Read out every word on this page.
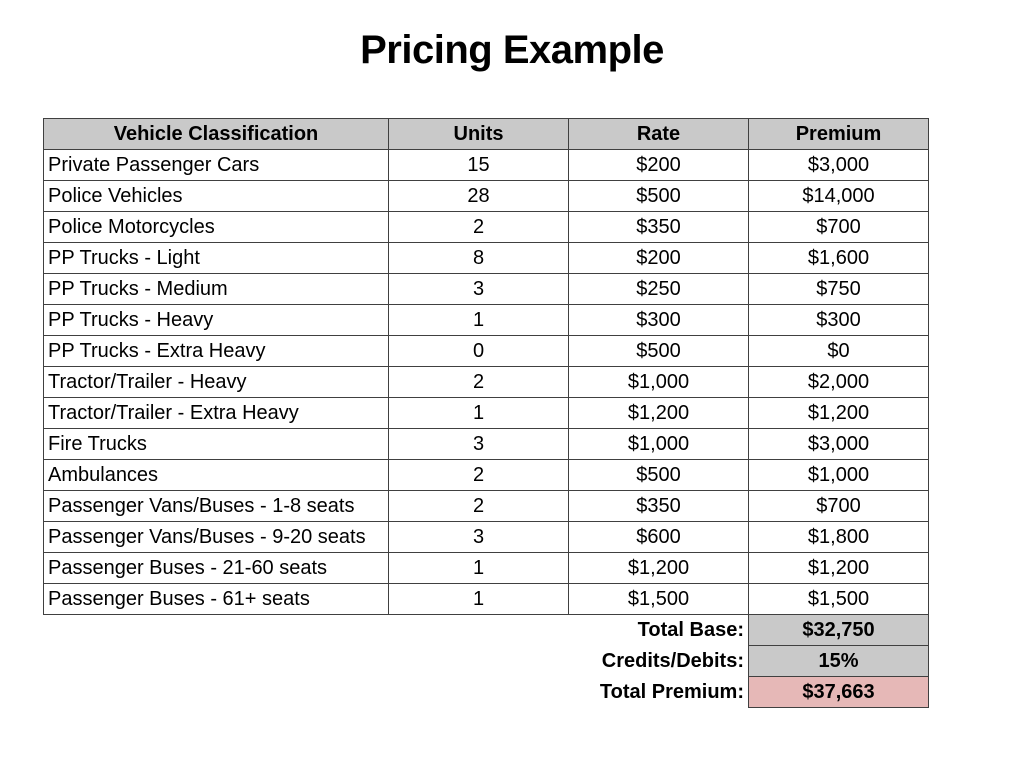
Pricing Example
Vehicle Classification	Units	Rate	Premium
Private Passenger Cars	15	$200	$3,000
Police Vehicles	28	$500	$14,000
Police Motorcycles	2	$350	$700
PP Trucks - Light	8	$200	$1,600
PP Trucks - Medium	3	$250	$750
PP Trucks - Heavy	1	$300	$300
PP Trucks - Extra Heavy	0	$500	$0
Tractor/Trailer - Heavy	2	$1,000	$2,000
Tractor/Trailer - Extra Heavy	1	$1,200	$1,200
Fire Trucks	3	$1,000	$3,000
Ambulances	2	$500	$1,000
Passenger Vans/Buses - 1-8 seats	2	$350	$700
Passenger Vans/Buses - 9-20 seats	3	$600	$1,800
Passenger Buses - 21-60 seats	1	$1,200	$1,200
Passenger Buses - 61+ seats	1	$1,500	$1,500
		Total Base:	$32,750
		Credits/Debits:	15%
		Total Premium:	$37,663
